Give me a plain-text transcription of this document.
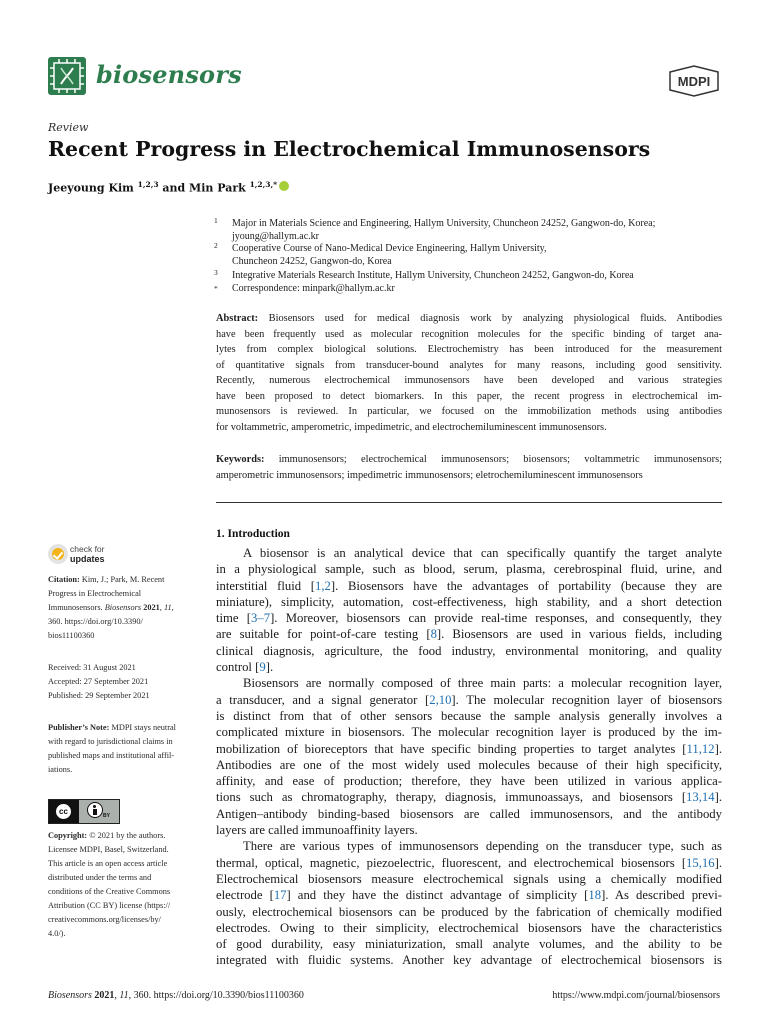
biosensors	MDPI
Review
Recent Progress in Electrochemical Immunosensors
Jeeyoung Kim $^{1,2,3}$ and Min Park $^{1,2,3,*}$
1 Major in Materials Science and Engineering, Hallym University, Chuncheon 24252, Gangwon-do, Korea;
jyoung@hallym.ac.kr
2 Cooperative Course of Nano-Medical Device Engineering, Hallym University,
Chuncheon 24252, Gangwon-do, Korea
3 Integrative Materials Research Institute, Hallym University, Chuncheon 24252, Gangwon-do, Korea
* Correspondence: minpark@hallym.ac.kr
Abstract: Biosensors used for medical diagnosis work by analyzing physiological fluids. Antibodies
have been frequently used as molecular recognition molecules for the specific binding of target ana-
lytes from complex biological solutions. Electrochemistry has been introduced for the measurement
of quantitative signals from transducer-bound analytes for many reasons, including good sensitivity.
Recently, numerous electrochemical immunosensors have been developed and various strategies
have been proposed to detect biomarkers. In this paper, the recent progress in electrochemical im-
munosensors is reviewed. In particular, we focused on the immobilization methods using antibodies
for voltammetric, amperometric, impedimetric, and electrochemiluminescent immunosensors.
Keywords: immunosensors; electrochemical immunosensors; biosensors; voltammetric immunosensors;
amperometric immunosensors; impedimetric immunosensors; eletrochemiluminescent immunosensors
1. Introduction
A biosensor is an analytical device that can specifically quantify the target analyte
in a physiological sample, such as blood, serum, plasma, cerebrospinal fluid, urine, and
interstitial fluid [1,2]. Biosensors have the advantages of portability (because they are
miniature), simplicity, automation, cost-effectiveness, high stability, and a short detection
time [3–7]. Moreover, biosensors can provide real-time responses, and consequently, they
are suitable for point-of-care testing [8]. Biosensors are used in various fields, including
clinical diagnosis, agriculture, the food industry, environmental monitoring, and quality
control [9].
Biosensors are normally composed of three main parts: a molecular recognition layer,
a transducer, and a signal generator [2,10]. The molecular recognition layer of biosensors
is distinct from that of other sensors because the sample analysis generally involves a
complicated mixture in biosensors. The molecular recognition layer is produced by the im-
mobilization of bioreceptors that have specific binding properties to target analytes [11,12].
Antibodies are one of the most widely used molecules because of their high specificity,
affinity, and ease of production; therefore, they have been utilized in various applica-
tions such as chromatography, therapy, diagnosis, immunoassays, and biosensors [13,14].
Antigen–antibody binding-based biosensors are called immunosensors, and the antibody
layers are called immunoaffinity layers.
There are various types of immunosensors depending on the transducer type, such as
thermal, optical, magnetic, piezoelectric, fluorescent, and electrochemical biosensors [15,16].
Electrochemical biosensors measure electrochemical signals using a chemically modified
electrode [17] and they have the distinct advantage of simplicity [18]. As described previ-
ously, electrochemical biosensors can be produced by the fabrication of chemically modified
electrodes. Owing to their simplicity, electrochemical biosensors have the characteristics
of good durability, easy miniaturization, small analyte volumes, and the ability to be
integrated with fluidic systems. Another key advantage of electrochemical biosensors is
check for
updates
Citation: Kim, J.; Park, M. Recent
Progress in Electrochemical
Immunosensors. Biosensors 2021, 11,
360. https://doi.org/10.3390/
bios11100360
Received: 31 August 2021
Accepted: 27 September 2021
Published: 29 September 2021
Publisher’s Note: MDPI stays neutral
with regard to jurisdictional claims in
published maps and institutional affil-
iations.
cc	BY
Copyright: © 2021 by the authors.
Licensee MDPI, Basel, Switzerland.
This article is an open access article
distributed under the terms and
conditions of the Creative Commons
Attribution (CC BY) license (https://
creativecommons.org/licenses/by/
4.0/).
Biosensors 2021, 11, 360. https://doi.org/10.3390/bios11100360	https://www.mdpi.com/journal/biosensors
